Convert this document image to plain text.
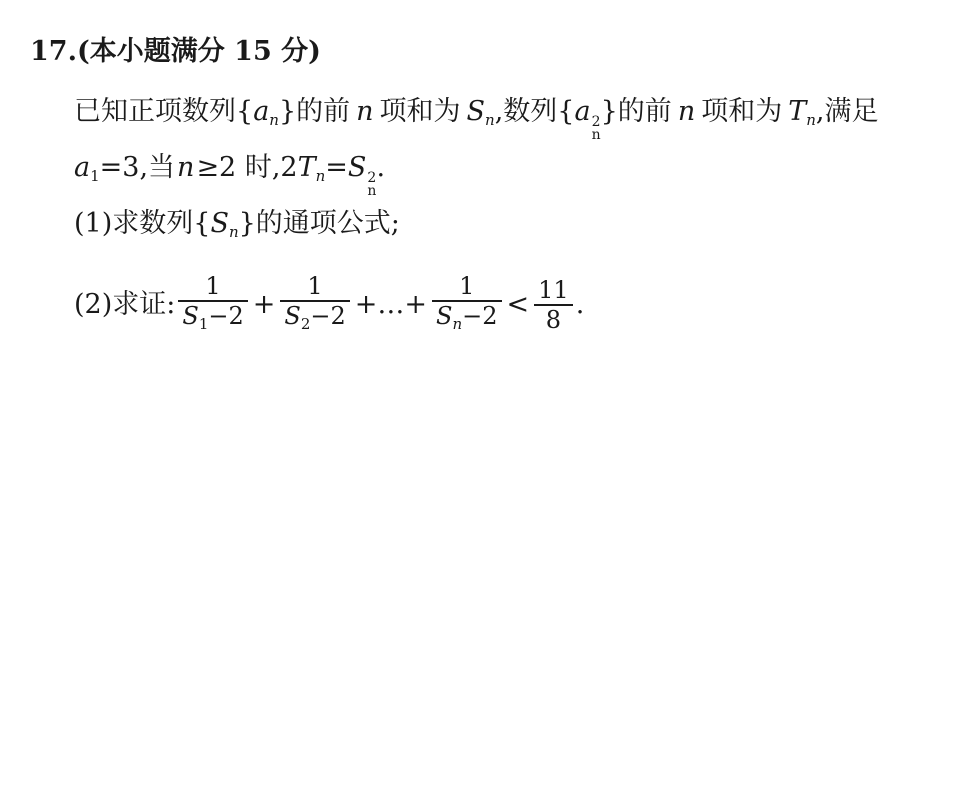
17.(本小题满分 15 分)
已知正项数列$\{a_n\}$的前 n 项和为 $S_n$,数列{a 2
n
}的前 n 项和为 $T_n$,满足
$a_1=3$,当n≥2 时$,2T_n=S$ 2
n
.
(1)求数列$\{S_n\}$的通项公式;
(2) 求证: $\frac{1}{S_1-2} + \frac{1}{S_2-2}$ +…+ $\frac{1}{S_n-2} < \frac{11}{8}$ .
